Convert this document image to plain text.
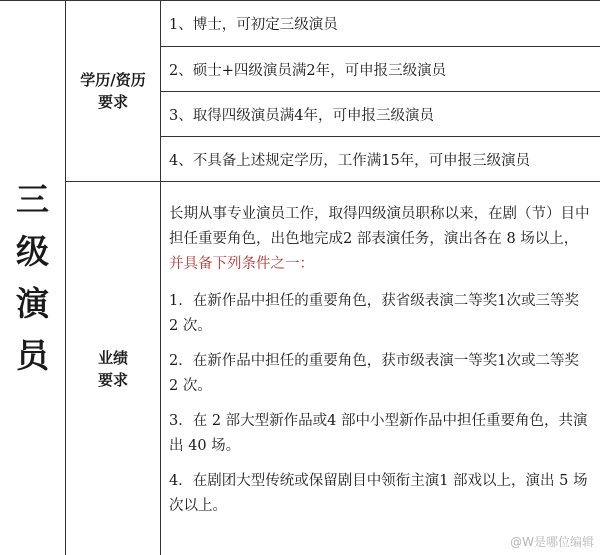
三
级
演
员
学历/资历
要求
1、博士，可初定三级演员
2、硕士+四级演员满2年，可申报三级演员
3、取得四级演员满4年，可申报三级演员
4、不具备上述规定学历，工作满15年，可申报三级演员
业绩
要求

长期从事专业演员工作，取得四级演员职称以来，在剧（节）目中担任重要角色，出色地完成2 部表演任务，演出各在 8 场以上，并具备下列条件之一：

1．在新作品中担任的重要角色，获省级表演二等奖1次或三等奖 2 次。

2．在新作品中担任的重要角色，获市级表演一等奖1次或二等奖 2 次。

3．在 2 部大型新作品或4 部中小型新作品中担任重要角色，共演出 40 场。

4．在剧团大型传统或保留剧目中领衔主演1 部戏以上，演出 5 场次以上。

@W是哪位编辑
